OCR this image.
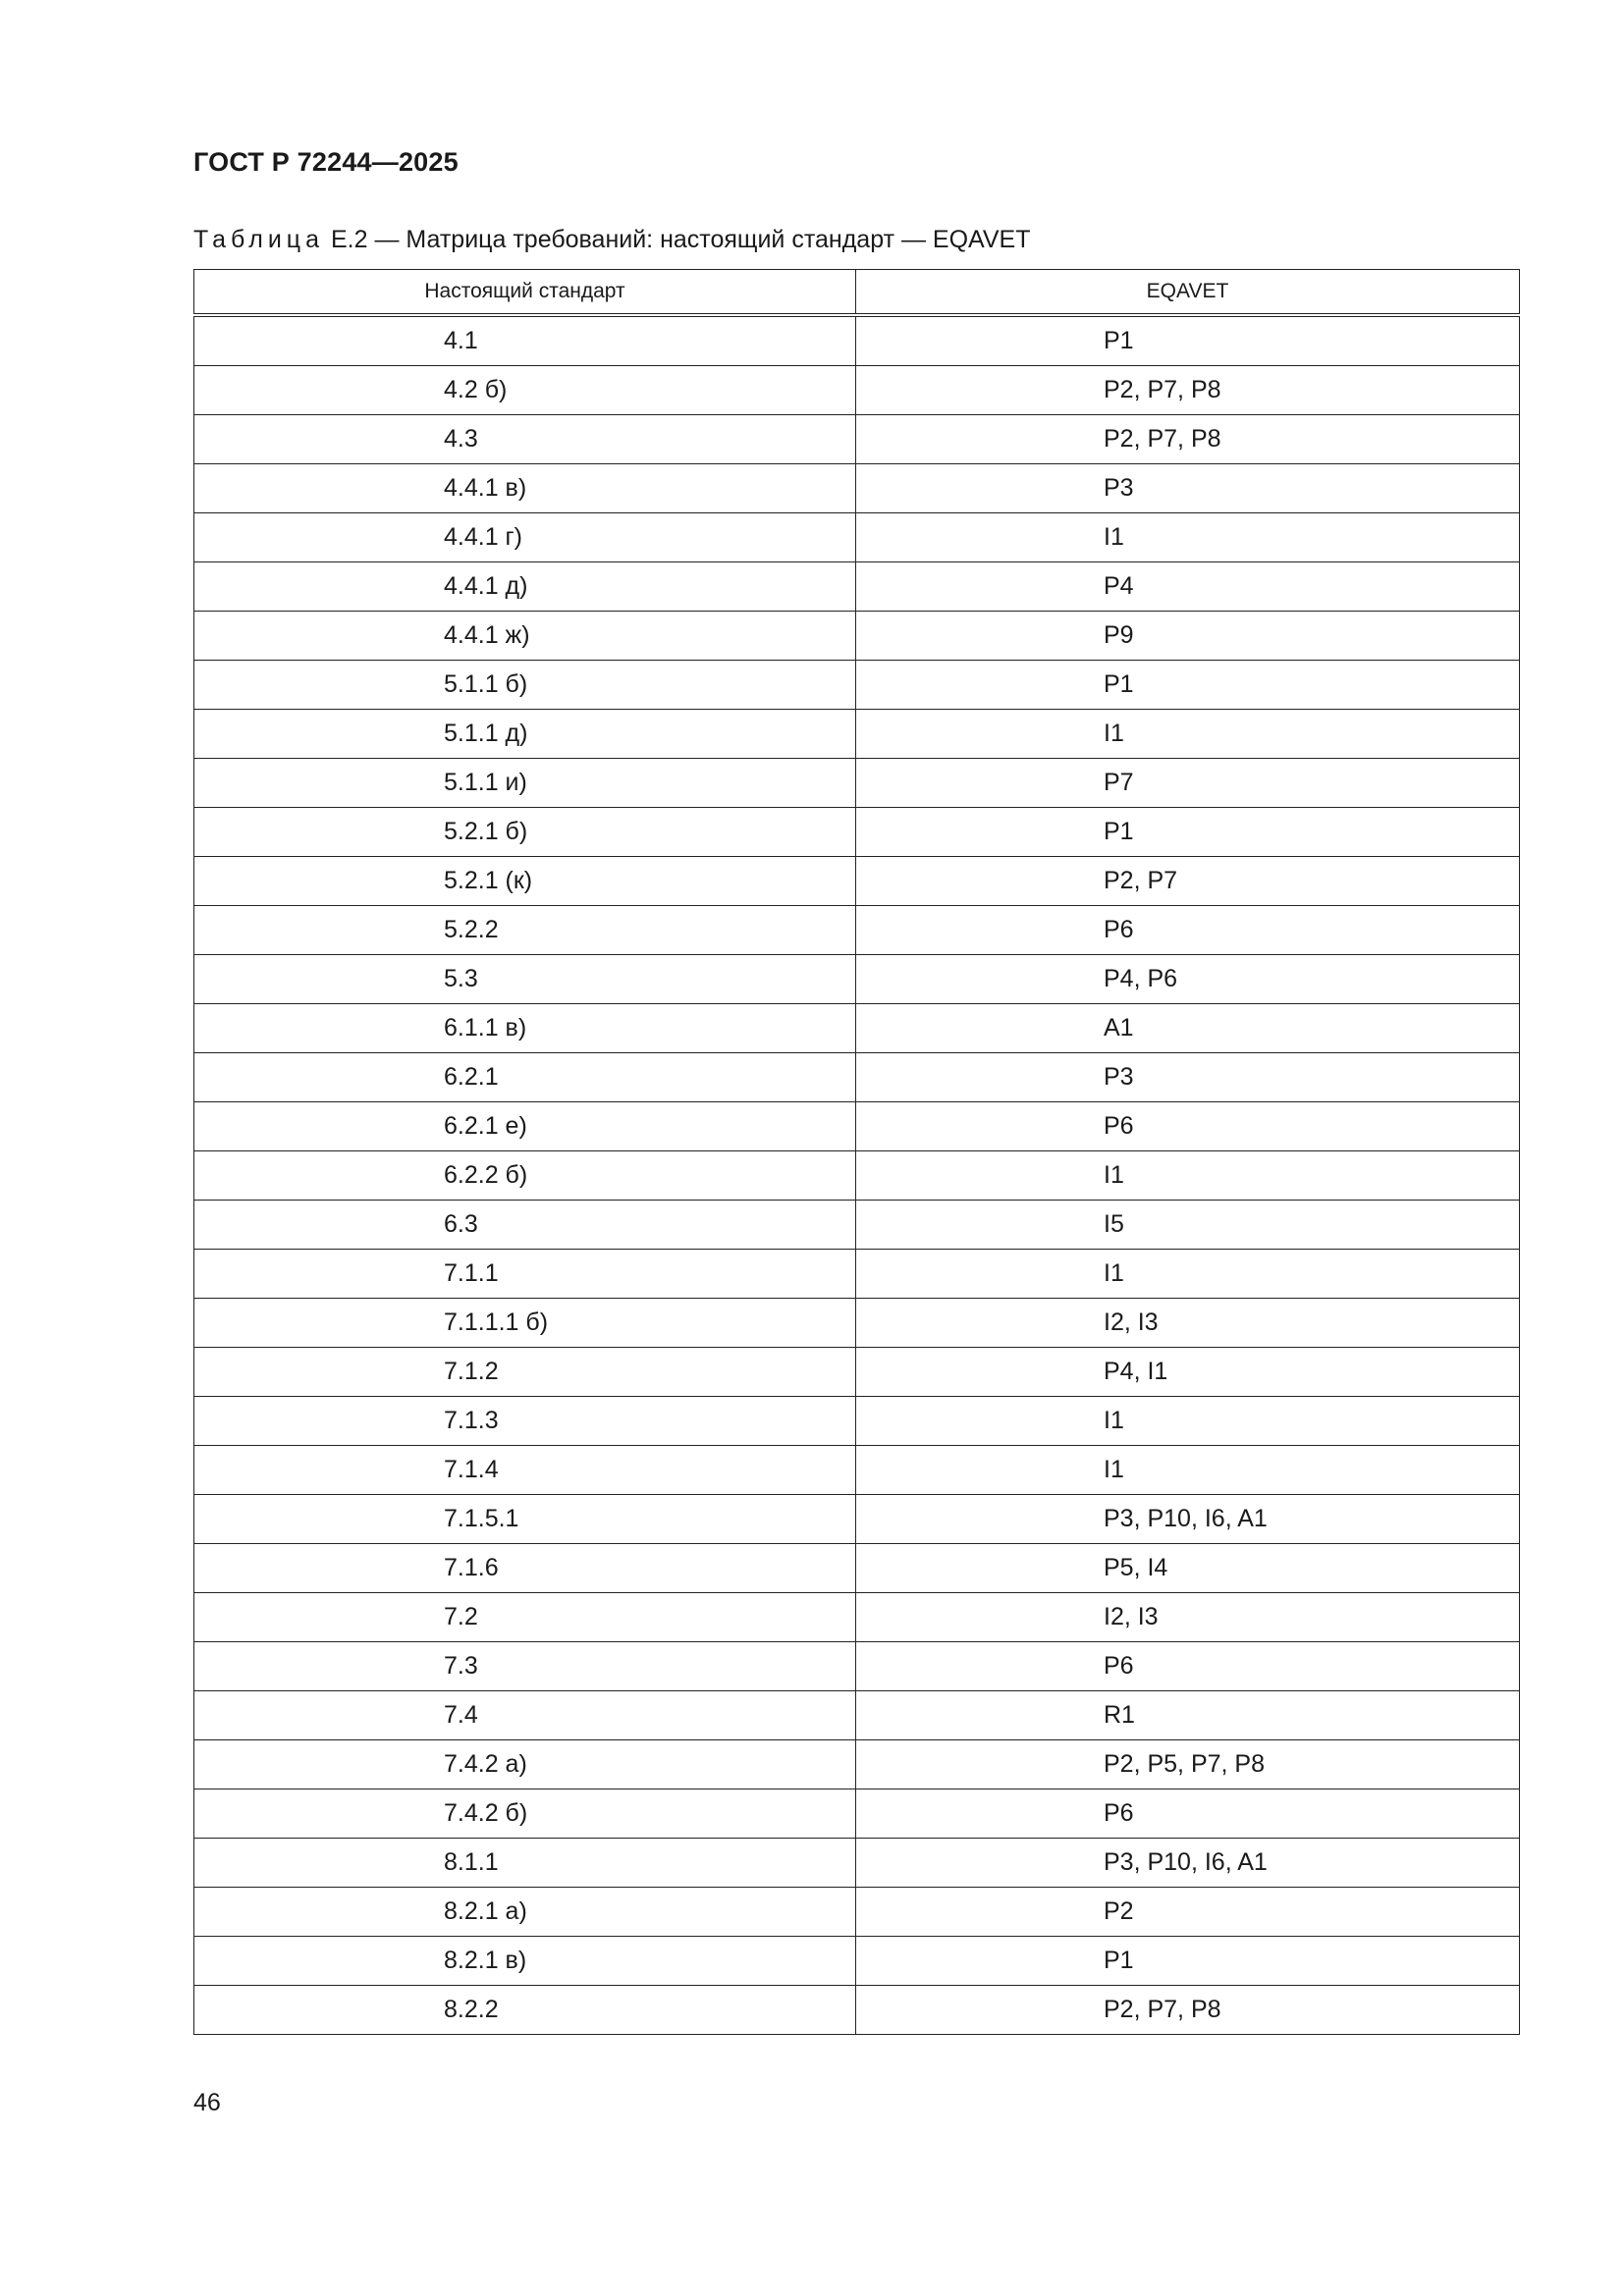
ГОСТ Р 72244—2025

Таблица Е.2 — Матрица требований: настоящий стандарт — EQAVET

Настоящий стандарт	EQAVET
4.1	P1
4.2 б)	P2, P7, P8
4.3	P2, P7, P8
4.4.1 в)	P3
4.4.1 г)	I1
4.4.1 д)	P4
4.4.1 ж)	P9
5.1.1 б)	P1
5.1.1 д)	I1
5.1.1 и)	P7
5.2.1 б)	P1
5.2.1 (к)	P2, P7
5.2.2	P6
5.3	P4, P6
6.1.1 в)	A1
6.2.1	P3
6.2.1 е)	P6
6.2.2 б)	I1
6.3	I5
7.1.1	I1
7.1.1.1 б)	I2, I3
7.1.2	P4, I1
7.1.3	I1
7.1.4	I1
7.1.5.1	P3, P10, I6, A1
7.1.6	P5, I4
7.2	I2, I3
7.3	P6
7.4	R1
7.4.2 а)	P2, P5, P7, P8
7.4.2 б)	P6
8.1.1	P3, P10, I6, A1
8.2.1 а)	P2
8.2.1 в)	P1
8.2.2	P2, P7, P8

46
